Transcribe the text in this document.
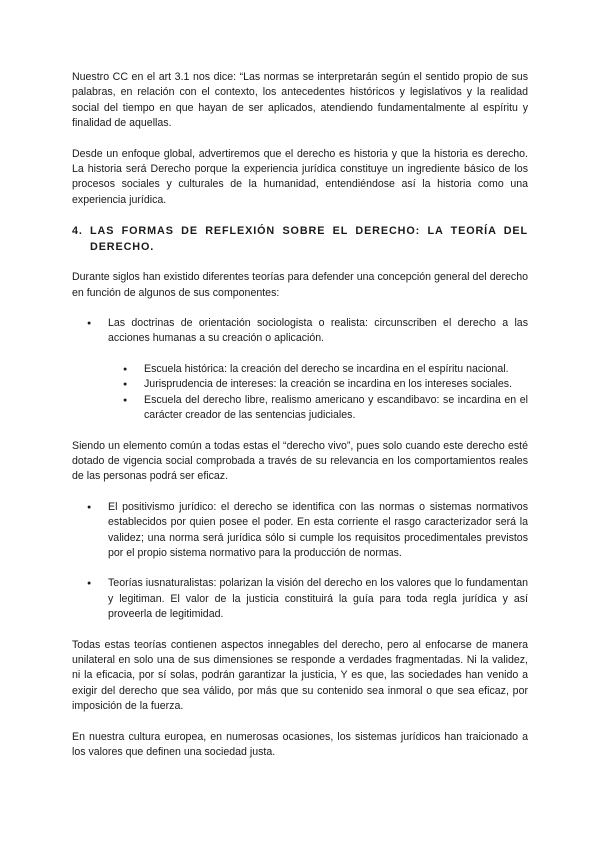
Nuestro CC en el art 3.1 nos dice: “Las normas se interpretarán según el sentido propio de sus palabras, en relación con el contexto, los antecedentes históricos y legislativos y la realidad social del tiempo en que hayan de ser aplicados, atendiendo fundamentalmente al espíritu y finalidad de aquellas.

Desde un enfoque global, advertiremos que el derecho es historia y que la historia es derecho. La historia será Derecho porque la experiencia jurídica constituye un ingrediente básico de los procesos sociales y culturales de la humanidad, entendiéndose así la historia como una experiencia jurídica.

4. LAS FORMAS DE REFLEXIÓN SOBRE EL DERECHO: LA TEORÍA DEL DERECHO.

Durante siglos han existido diferentes teorías para defender una concepción general del derecho en función de algunos de sus componentes:

● Las doctrinas de orientación sociologista o realista: circunscriben el derecho a las acciones humanas a su creación o aplicación.
● Escuela histórica: la creación del derecho se incardina en el espíritu nacional.
● Jurisprudencia de intereses: la creación se incardina en los intereses sociales.
● Escuela del derecho libre, realismo americano y escandibavo: se incardina en el carácter creador de las sentencias judiciales.

Siendo un elemento común a todas estas el “derecho vivo”, pues solo cuando este derecho esté dotado de vigencia social comprobada a través de su relevancia en los comportamientos reales de las personas podrá ser eficaz.

● El positivismo jurídico: el derecho se identifica con las normas o sistemas normativos establecidos por quien posee el poder. En esta corriente el rasgo caracterizador será la validez; una norma será jurídica sólo si cumple los requisitos procedimentales previstos por el propio sistema normativo para la producción de normas.
● Teorías iusnaturalistas: polarizan la visión del derecho en los valores que lo fundamentan y legitiman. El valor de la justicia constituirá la guía para toda regla jurídica y así proveerla de legitimidad.

Todas estas teorías contienen aspectos innegables del derecho, pero al enfocarse de manera unilateral en solo una de sus dimensiones se responde a verdades fragmentadas. Ni la validez, ni la eficacia, por sí solas, podrán garantizar la justicia, Y es que, las sociedades han venido a exigir del derecho que sea válido, por más que su contenido sea inmoral o que sea eficaz, por imposición de la fuerza.

En nuestra cultura europea, en numerosas ocasiones, los sistemas jurídicos han traicionado a los valores que definen una sociedad justa.
